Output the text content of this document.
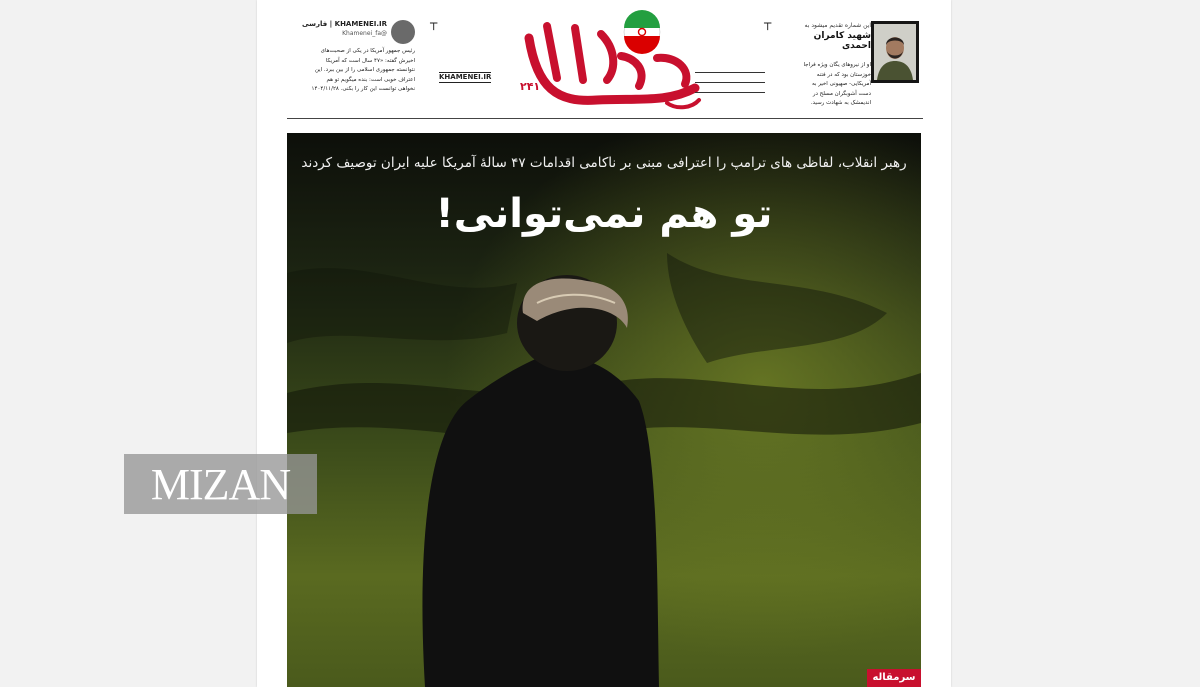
KHAMENEI.IR | فارسی
@Khamenei_fa
رئیس جمهور آمریکا در یکی از صحبت‌های
اخیرش گفته: «۴۷ سال است که آمریکا
نتوانسته جمهوری اسلامی را از بین ببرد. این
اعتراف خوبی است: بنده میگویم تو هم
نخواهی توانست این کار را بکنی. ۱۴۰۴/۱۱/۲۸
┬	┬
KHAMENEI.IR
۲۴۱
این شماره تقدیم میشود به
شهید کامران احمدی
او از نیروهای یگان ویژه فراجا
خوزستان بود که در فتنه
آمریکایی- صهیونی اخیر به
دست آشوبگران مسلح در
اندیمشک به شهادت رسید.
رهبر انقلاب، لفاظی های ترامپ را اعترافی مبنی بر ناکامی اقدامات ۴۷ سالهٔ آمریکا علیه ایران توصیف کردند
تو هم نمی‌توانی!
سرمقاله
MIZAN
